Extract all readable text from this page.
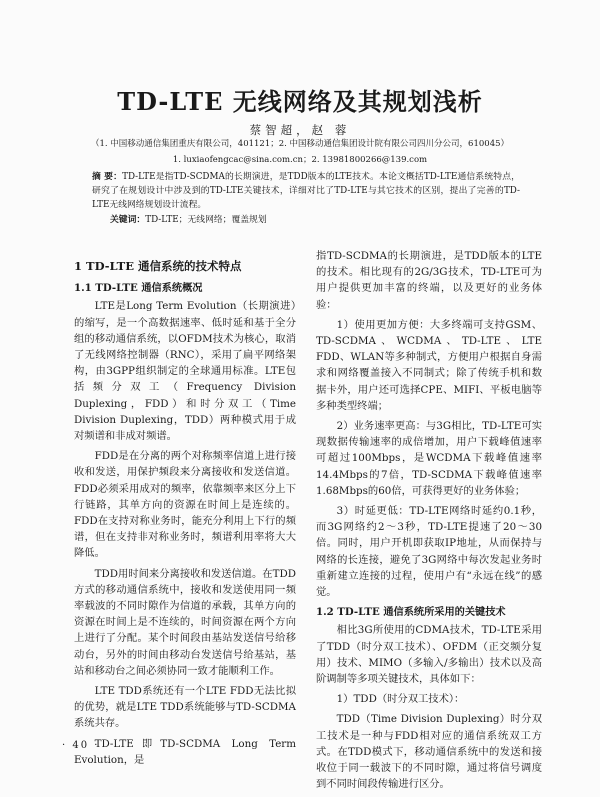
TD-LTE 无线网络及其规划浅析
蔡智超，赵 蓉
（1. 中国移动通信集团重庆有限公司，401121；2. 中国移动通信集团设计院有限公司四川分公司，610045）
1. luxiaofengcac@sina.com.cn；2. 13981800266@139.com
摘 要：TD-LTE是指TD-SCDMA的长期演进，是TDD版本的LTE技术。本论文概括TD-LTE通信系统特点，研究了在规划设计中涉及到的TD-LTE关键技术，详细对比了TD-LTE与其它技术的区别，提出了完善的TD-LTE无线网络规划设计流程。
关键词：TD-LTE；无线网络；覆盖规划
1 TD-LTE 通信系统的技术特点
1.1 TD-LTE 通信系统概况

LTE是Long Term Evolution（长期演进）的缩写，是一个高数据速率、低时延和基于全分组的移动通信系统，以OFDM技术为核心，取消了无线网络控制器（RNC），采用了扁平网络架构，由3GPP组织制定的全球通用标准。LTE包括频分双工（Frequency Division Duplexing，FDD）和时分双工（Time Division Duplexing，TDD）两种模式用于成对频谱和非成对频谱。

FDD是在分离的两个对称频率信道上进行接收和发送，用保护频段来分离接收和发送信道。FDD必须采用成对的频率，依靠频率来区分上下行链路，其单方向的资源在时间上是连续的。FDD在支持对称业务时，能充分利用上下行的频谱，但在支持非对称业务时，频谱利用率将大大降低。

TDD用时间来分离接收和发送信道。在TDD方式的移动通信系统中，接收和发送使用同一频率载波的不同时隙作为信道的承载，其单方向的资源在时间上是不连续的，时间资源在两个方向上进行了分配。某个时间段由基站发送信号给移动台，另外的时间由移动台发送信号给基站，基站和移动台之间必须协同一致才能顺利工作。

LTE TDD系统还有一个LTE FDD无法比拟的优势，就是LTE TDD系统能够与TD-SCDMA系统共存。

TD-LTE即TD-SCDMA Long Term Evolution，是

指TD-SCDMA的长期演进，是TDD版本的LTE的技术。相比现有的2G/3G技术，TD-LTE可为用户提供更加丰富的终端，以及更好的业务体验：

1）使用更加方便：大多终端可支持GSM、TD-SCDMA、WCDMA、TD-LTE、LTE FDD、WLAN等多种制式，方便用户根据自身需求和网络覆盖接入不同制式；除了传统手机和数据卡外，用户还可选择CPE、MIFI、平板电脑等多种类型终端；

2）业务速率更高：与3G相比，TD-LTE可实现数据传输速率的成倍增加，用户下载峰值速率可超过100Mbps，是WCDMA下载峰值速率14.4Mbps的7倍，TD-SCDMA下载峰值速率1.68Mbps的60倍，可获得更好的业务体验；

3）时延更低：TD-LTE网络时延约0.1秒，而3G网络约2～3秒，TD-LTE提速了20～30倍。同时，用户开机即获取IP地址，从而保持与网络的长连接，避免了3G网络中每次发起业务时重新建立连接的过程，使用户有“永远在线”的感觉。

1.2 TD-LTE 通信系统所采用的关键技术

相比3G所使用的CDMA技术，TD-LTE采用了TDD（时分双工技术）、OFDM（正交频分复用）技术、MIMO（多输入/多输出）技术以及高阶调制等多项关键技术，具体如下：

1）TDD（时分双工技术）：

TDD（Time Division Duplexing）时分双工技术是一种与FDD相对应的通信系统双工方式。在TDD模式下，移动通信系统中的发送和接收位于同一载波下的不同时隙，通过将信号调度到不同时间段传输进行区分。

· 40 ·
